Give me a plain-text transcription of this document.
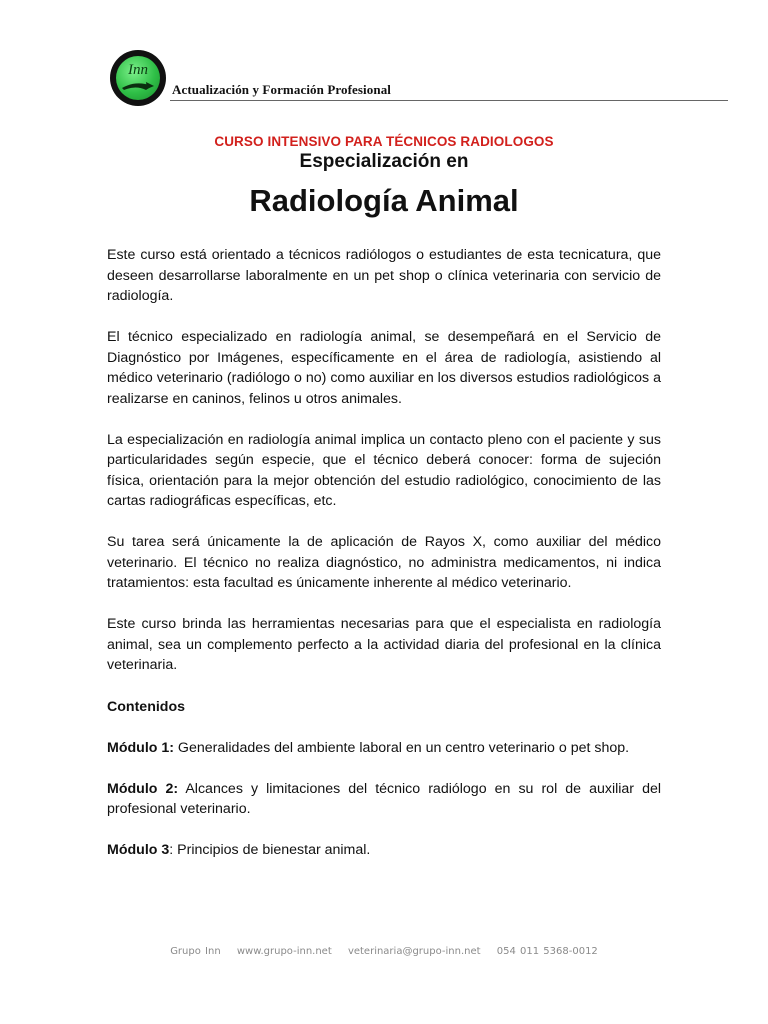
Inn
Actualización y Formación Profesional
CURSO INTENSIVO PARA TÉCNICOS RADIOLOGOS
Especialización en
Radiología Animal

Este curso está orientado a técnicos radiólogos o estudiantes de esta tecnicatura, que deseen desarrollarse laboralmente en un pet shop o clínica veterinaria con servicio de radiología.

El técnico especializado en radiología animal, se desempeñará en el Servicio de Diagnóstico por Imágenes, específicamente en el área de radiología, asistiendo al médico veterinario (radiólogo o no) como auxiliar en los diversos estudios radiológicos a realizarse en caninos, felinos u otros animales.

La especialización en radiología animal implica un contacto pleno con el paciente y sus particularidades según especie, que el técnico deberá conocer: forma de sujeción física, orientación para la mejor obtención del estudio radiológico, conocimiento de las cartas radiográficas específicas, etc.

Su tarea será únicamente la de aplicación de Rayos X, como auxiliar del médico veterinario. El técnico no realiza diagnóstico, no administra medicamentos, ni indica tratamientos: esta facultad es únicamente inherente al médico veterinario.

Este curso brinda las herramientas necesarias para que el especialista en radiología animal, sea un complemento perfecto a la actividad diaria del profesional en la clínica veterinaria.

Contenidos

Módulo 1: Generalidades del ambiente laboral en un centro veterinario o pet shop.

Módulo 2: Alcances y limitaciones del técnico radiólogo en su rol de auxiliar del profesional veterinario.

Módulo 3: Principios de bienestar animal.

Grupo Inn www.grupo-inn.net veterinaria@grupo-inn.net 054 011 5368-0012
